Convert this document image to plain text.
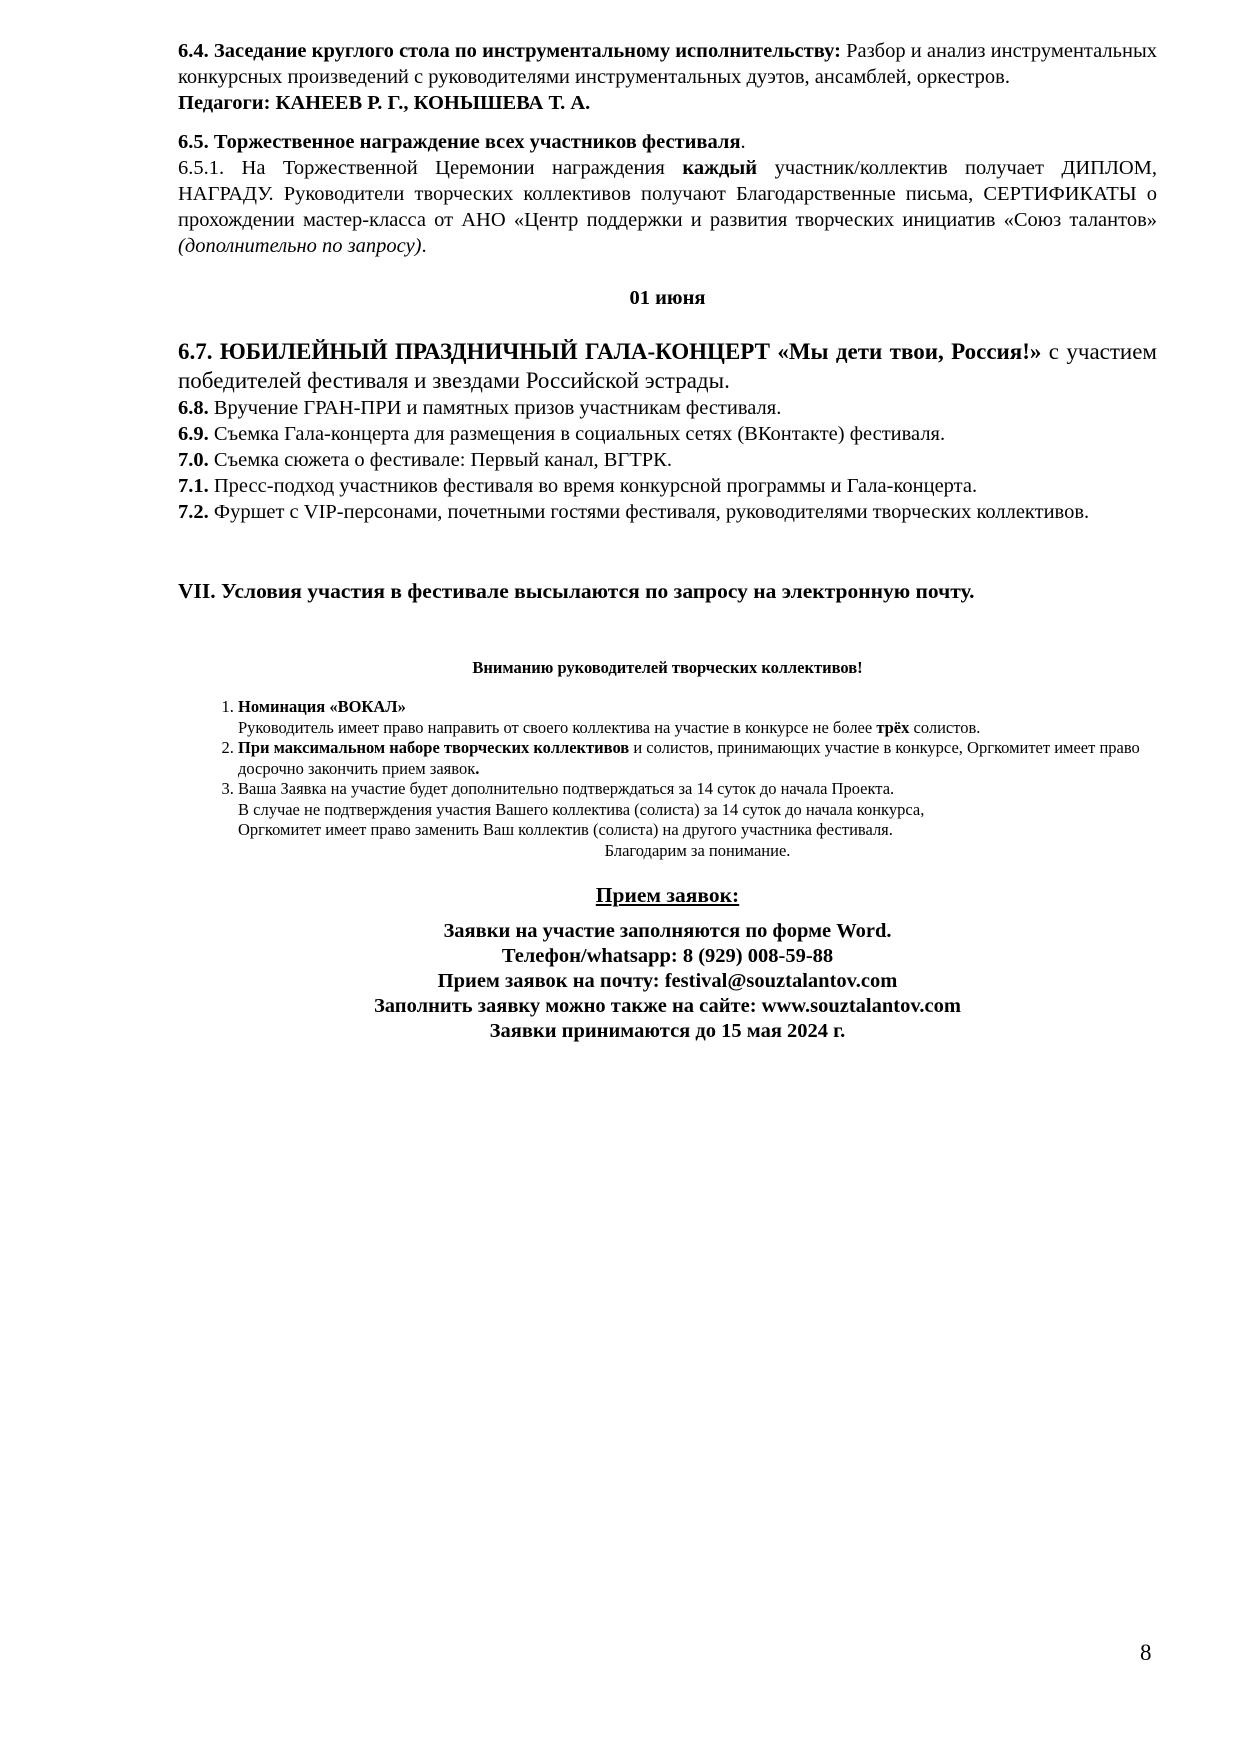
6.4. Заседание круглого стола по инструментальному исполнительству: Разбор и анализ инструментальных конкурсных произведений с руководителями инструментальных дуэтов, ансамблей, оркестров.

Педагоги: КАНЕЕВ Р. Г., КОНЫШЕВА Т. А.

6.5. Торжественное награждение всех участников фестиваля.

6.5.1. На Торжественной Церемонии награждения каждый участник/коллектив получает ДИПЛОМ, НАГРАДУ. Руководители творческих коллективов получают Благодарственные письма, СЕРТИФИКАТЫ о прохождении мастер-класса от АНО «Центр поддержки и развития творческих инициатив «Союз талантов» (дополнительно по запросу).

01 июня

6.7. ЮБИЛЕЙНЫЙ ПРАЗДНИЧНЫЙ ГАЛА-КОНЦЕРТ «Мы дети твои, Россия!» с участием победителей фестиваля и звездами Российской эстрады.

6.8. Вручение ГРАН-ПРИ и памятных призов участникам фестиваля.

6.9. Съемка Гала-концерта для размещения в социальных сетях (ВКонтакте) фестиваля.

7.0. Съемка сюжета о фестивале: Первый канал, ВГТРК.

7.1. Пресс-подход участников фестиваля во время конкурсной программы и Гала-концерта.

7.2. Фуршет с VIP-персонами, почетными гостями фестиваля, руководителями творческих коллективов.

VII. Условия участия в фестивале высылаются по запросу на электронную почту.

Вниманию руководителей творческих коллективов!

1. Номинация «ВОКАЛ»
Руководитель имеет право направить от своего коллектива на участие в конкурсе не более трёх солистов.
2. При максимальном наборе творческих коллективов и солистов, принимающих участие в конкурсе, Оргкомитет имеет право досрочно закончить прием заявок.
3. Ваша Заявка на участие будет дополнительно подтверждаться за 14 суток до начала Проекта.
В случае не подтверждения участия Вашего коллектива (солиста) за 14 суток до начала конкурса,
Оргкомитет имеет право заменить Ваш коллектив (солиста) на другого участника фестиваля.

Благодарим за понимание.

Прием заявок:

Заявки на участие заполняются по форме Word.

Телефон/whatsapp: 8 (929) 008-59-88

Прием заявок на почту: festival@souztalantov.com

Заполнить заявку можно также на сайте: www.souztalantov.com

Заявки принимаются до 15 мая 2024 г.

8
